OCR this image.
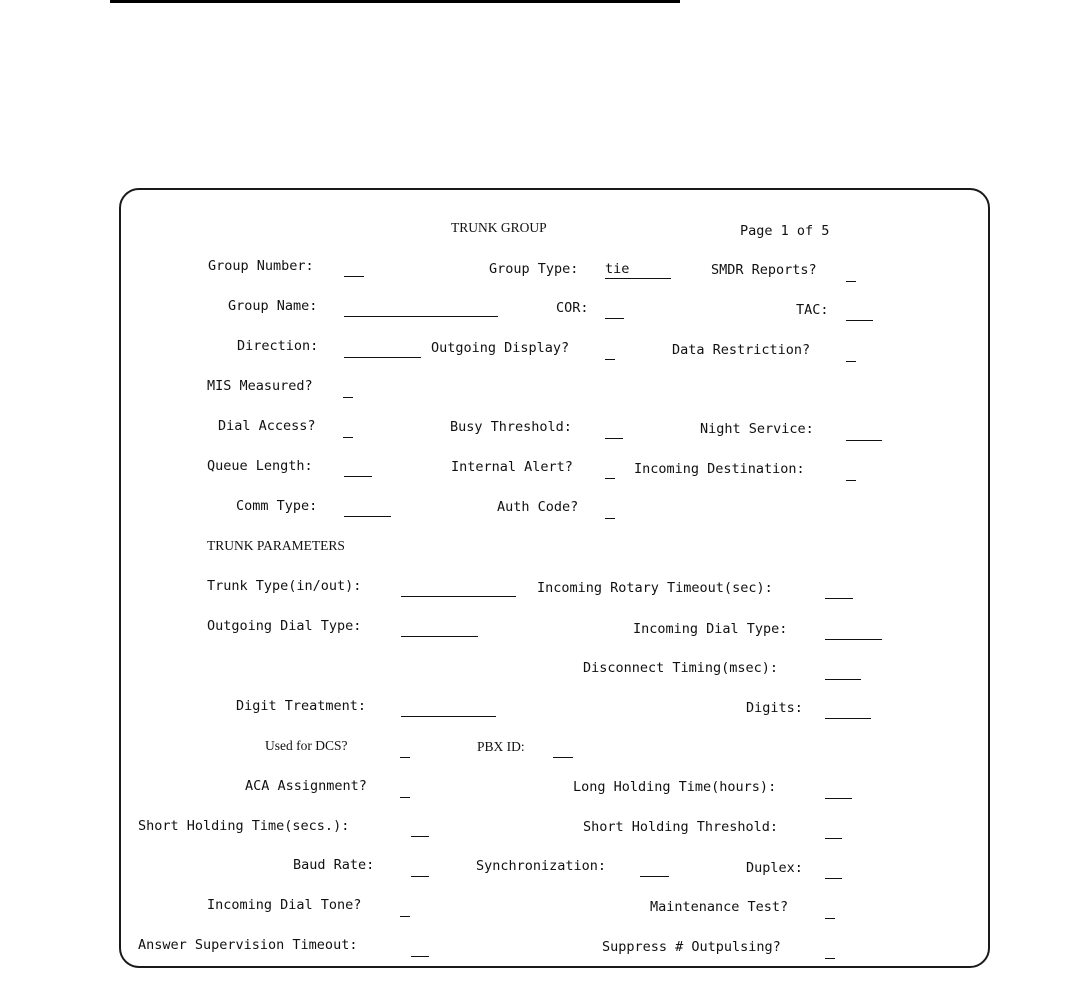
TRUNK GROUP	Page 1 of 5
Group Number:	Group Type: tie	SMDR Reports?
Group Name:	COR:	TAC:
Direction:	Outgoing Display?	Data Restriction?
MIS Measured?
Dial Access?	Busy Threshold:	Night Service:
Queue Length:	Internal Alert?	Incoming Destination:
Comm Type:	Auth Code?
TRUNK PARAMETERS
Trunk Type(in/out):	Incoming Rotary Timeout(sec):
Outgoing Dial Type:	Incoming Dial Type:
Disconnect Timing(msec):
Digit Treatment:	Digits:
Used for DCS?	PBX ID:
ACA Assignment?	Long Holding Time(hours):
Short Holding Time(secs.):	Short Holding Threshold:
Baud Rate:	Synchronization:	Duplex:
Incoming Dial Tone?	Maintenance Test?
Answer Supervision Timeout:	Suppress # Outpulsing?
